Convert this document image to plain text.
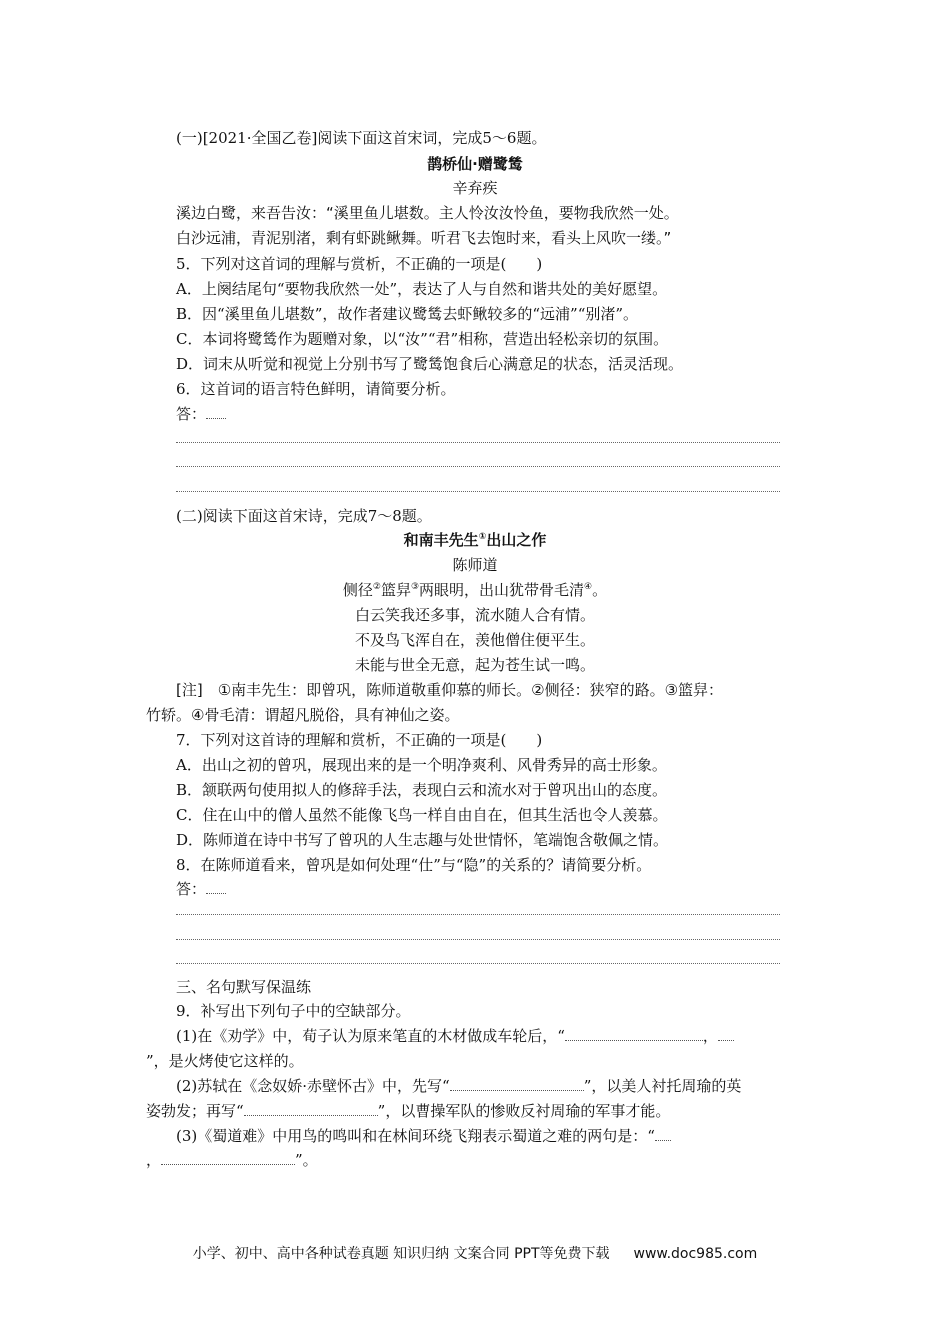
(一)[2021·全国乙卷]阅读下面这首宋词，完成5～6题。
鹊桥仙·赠鹭鸶
辛弃疾
溪边白鹭，来吾告汝：“溪里鱼儿堪数。主人怜汝汝怜鱼，要物我欣然一处。
白沙远浦，青泥别渚，剩有虾跳鳅舞。听君飞去饱时来，看头上风吹一缕。”
5．下列对这首词的理解与赏析，不正确的一项是(　　)
A．上阕结尾句“要物我欣然一处”，表达了人与自然和谐共处的美好愿望。
B．因“溪里鱼儿堪数”，故作者建议鹭鸶去虾鳅较多的“远浦”“别渚”。
C．本词将鹭鸶作为题赠对象，以“汝”“君”相称，营造出轻松亲切的氛围。
D．词末从听觉和视觉上分别书写了鹭鸶饱食后心满意足的状态，活灵活现。
6．这首词的语言特色鲜明，请简要分析。
答：
(二)阅读下面这首宋诗，完成7～8题。
和南丰先生①出山之作
陈师道
侧径②篮舁③两眼明，出山犹带骨毛清④。
白云笑我还多事，流水随人合有情。
不及鸟飞浑自在，羡他僧住便平生。
未能与世全无意，起为苍生试一鸣。
[注]　①南丰先生：即曾巩，陈师道敬重仰慕的师长。②侧径：狭窄的路。③篮舁：
竹轿。④骨毛清：谓超凡脱俗，具有神仙之姿。
7．下列对这首诗的理解和赏析，不正确的一项是(　　)
A．出山之初的曾巩，展现出来的是一个明净爽利、风骨秀异的高士形象。
B．颔联两句使用拟人的修辞手法，表现白云和流水对于曾巩出山的态度。
C．住在山中的僧人虽然不能像飞鸟一样自由自在，但其生活也令人羡慕。
D．陈师道在诗中书写了曾巩的人生志趣与处世情怀，笔端饱含敬佩之情。
8．在陈师道看来，曾巩是如何处理“仕”与“隐”的关系的？请简要分析。
答：
三、名句默写保温练
9．补写出下列句子中的空缺部分。
(1)在《劝学》中，荀子认为原来笔直的木材做成车轮后，“	，
”，是火烤使它这样的。
(2)苏轼在《念奴娇·赤壁怀古》中，先写“	”，以美人衬托周瑜的英
姿勃发；再写“	”，以曹操军队的惨败反衬周瑜的军事才能。
(3)《蜀道难》中用鸟的鸣叫和在林间环绕飞翔表示蜀道之难的两句是：“
，	”。
小学、初中、高中各种试卷真题 知识归纳 文案合同 PPT等免费下载 www.doc985.com
